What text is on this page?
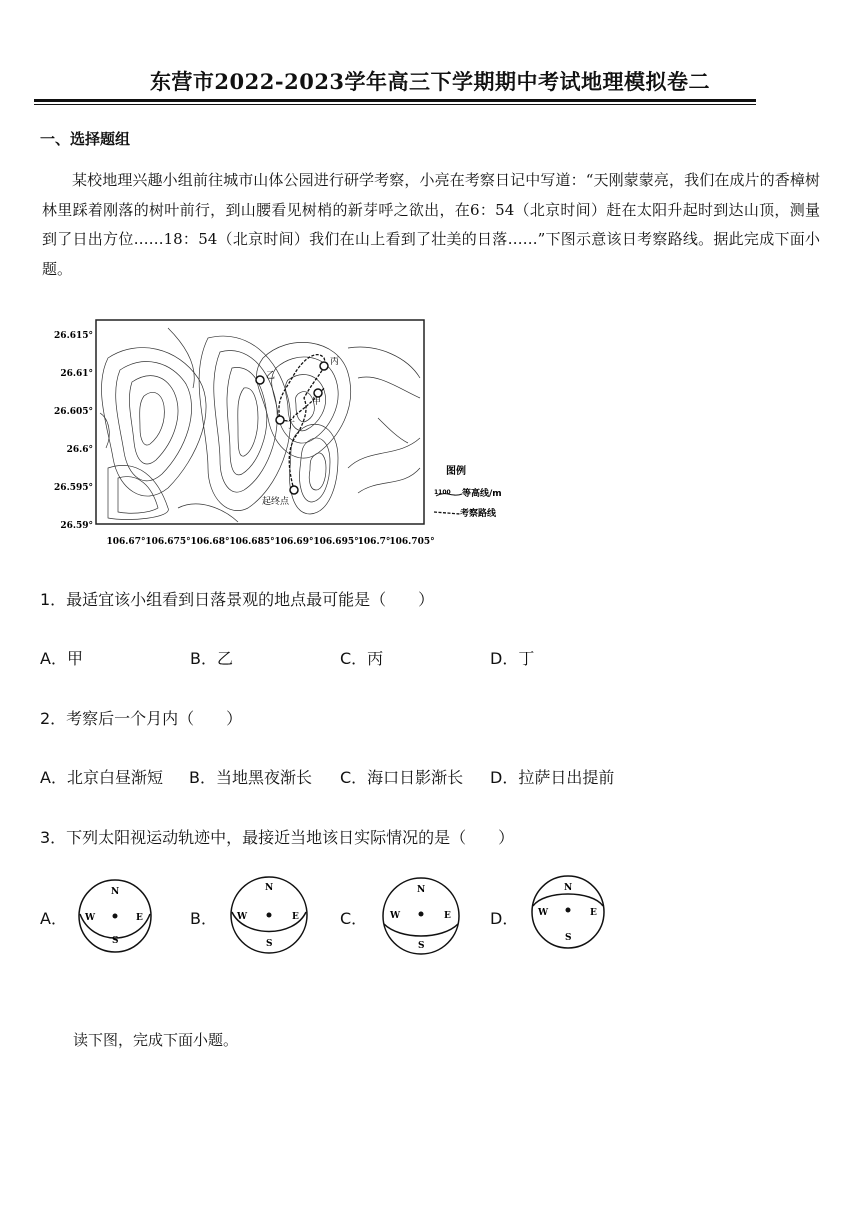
东营市2022-2023学年高三下学期期中考试地理模拟卷二
一、选择题组
某校地理兴趣小组前往城市山体公园进行研学考察，小亮在考察日记中写道：“天刚蒙蒙亮，我们在成片的香樟树林里踩着刚落的树叶前行，到山腰看见树梢的新芽呼之欲出，在6：54（北京时间）赶在太阳升起时到达山顶，测量到了日出方位……18：54（北京时间）我们在山上看到了壮美的日落……”下图示意该日考察路线。据此完成下面小题。
甲
乙
丙
丁
起终点
26.615°
26.61°
26.605°
26.6°
26.595°
26.59°
106.67° 106.675° 106.68° 106.685° 106.69° 106.695° 106.7° 106.705°
图例
1100 等高线/m
考察路线
1．最适宜该小组看到日落景观的地点最可能是（　　）
A．甲	B．乙	C．丙	D．丁
2．考察后一个月内（　　）
A．北京白昼渐短 B．当地黑夜渐长 C．海口日影渐长 D．拉萨日出提前
3．下列太阳视运动轨迹中，最接近当地该日实际情况的是（　　）
A．	B．	C．	D．
N
S
W	E
N
S
W	E
N
S
W	E
N
S
W	E
读下图，完成下面小题。
